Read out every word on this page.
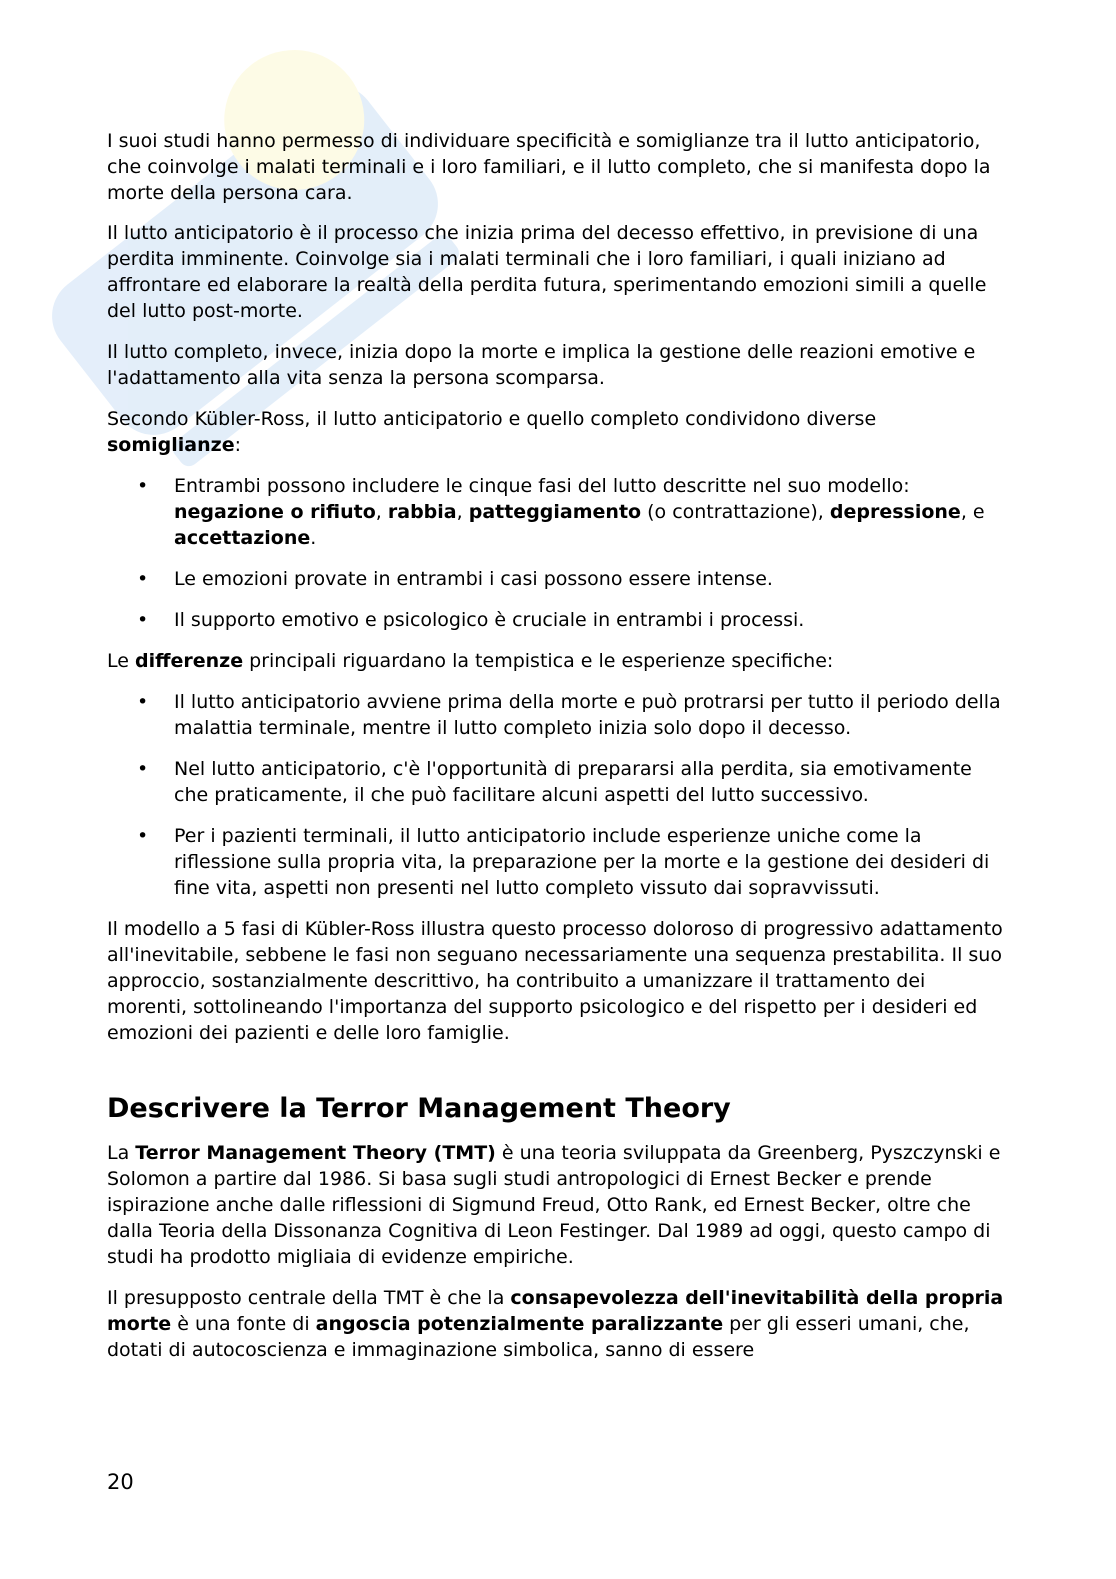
I suoi studi hanno permesso di individuare specificità e somiglianze tra il lutto anticipatorio, che coinvolge i malati terminali e i loro familiari, e il lutto completo, che si manifesta dopo la morte della persona cara.

Il lutto anticipatorio è il processo che inizia prima del decesso effettivo, in previsione di una perdita imminente. Coinvolge sia i malati terminali che i loro familiari, i quali iniziano ad affrontare ed elaborare la realtà della perdita futura, sperimentando emozioni simili a quelle del lutto post-morte.

Il lutto completo, invece, inizia dopo la morte e implica la gestione delle reazioni emotive e l'adattamento alla vita senza la persona scomparsa.

Secondo Kübler-Ross, il lutto anticipatorio e quello completo condividono diverse somiglianze:

• Entrambi possono includere le cinque fasi del lutto descritte nel suo modello: negazione o rifiuto, rabbia, patteggiamento (o contrattazione), depressione, e accettazione.
• Le emozioni provate in entrambi i casi possono essere intense.
• Il supporto emotivo e psicologico è cruciale in entrambi i processi.

Le differenze principali riguardano la tempistica e le esperienze specifiche:

• Il lutto anticipatorio avviene prima della morte e può protrarsi per tutto il periodo della malattia terminale, mentre il lutto completo inizia solo dopo il decesso.
• Nel lutto anticipatorio, c'è l'opportunità di prepararsi alla perdita, sia emotivamente che praticamente, il che può facilitare alcuni aspetti del lutto successivo.
• Per i pazienti terminali, il lutto anticipatorio include esperienze uniche come la riflessione sulla propria vita, la preparazione per la morte e la gestione dei desideri di fine vita, aspetti non presenti nel lutto completo vissuto dai sopravvissuti.

Il modello a 5 fasi di Kübler-Ross illustra questo processo doloroso di progressivo adattamento all'inevitabile, sebbene le fasi non seguano necessariamente una sequenza prestabilita. Il suo approccio, sostanzialmente descrittivo, ha contribuito a umanizzare il trattamento dei morenti, sottolineando l'importanza del supporto psicologico e del rispetto per i desideri ed emozioni dei pazienti e delle loro famiglie.

Descrivere la Terror Management Theory

La Terror Management Theory (TMT) è una teoria sviluppata da Greenberg, Pyszczynski e Solomon a partire dal 1986. Si basa sugli studi antropologici di Ernest Becker e prende ispirazione anche dalle riflessioni di Sigmund Freud, Otto Rank, ed Ernest Becker, oltre che dalla Teoria della Dissonanza Cognitiva di Leon Festinger. Dal 1989 ad oggi, questo campo di studi ha prodotto migliaia di evidenze empiriche.

Il presupposto centrale della TMT è che la consapevolezza dell'inevitabilità della propria morte è una fonte di angoscia potenzialmente paralizzante per gli esseri umani, che, dotati di autocoscienza e immaginazione simbolica, sanno di essere

20
